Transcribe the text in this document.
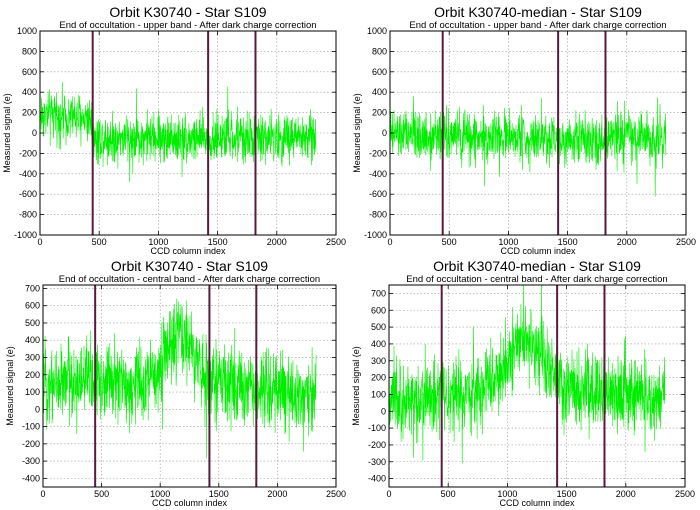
Orbit K30740 - Star S109
End of occultation - upper band - After dark charge correction
0	500	1000	1500	2000	2500
-1000
-800
-600
-400
-200
0
200
400
600
800
1000
CCD column index
Measured signal (e)
Orbit K30740-median - Star S109
End of occultation - upper band - After dark charge correction
0	500	1000	1500	2000	2500
-1000
-800
-600
-400
-200
0
200
400
600
800
1000
CCD column index
Measured signal (e)
Orbit K30740 - Star S109
End of occultation - central band - After dark charge correction
0	500	1000	1500	2000	2500
-400
-300
-200
-100
0
100
200
300
400
500
600
700
CCD column index
Measured signal (e)
Orbit K30740-median - Star S109
End of occultation - central band - After dark charge correction
0	500	1000	1500	2000	2500
-400
-300
-200
-100
0
100
200
300
400
500
600
700
CCD column index
Measured signal (e)
